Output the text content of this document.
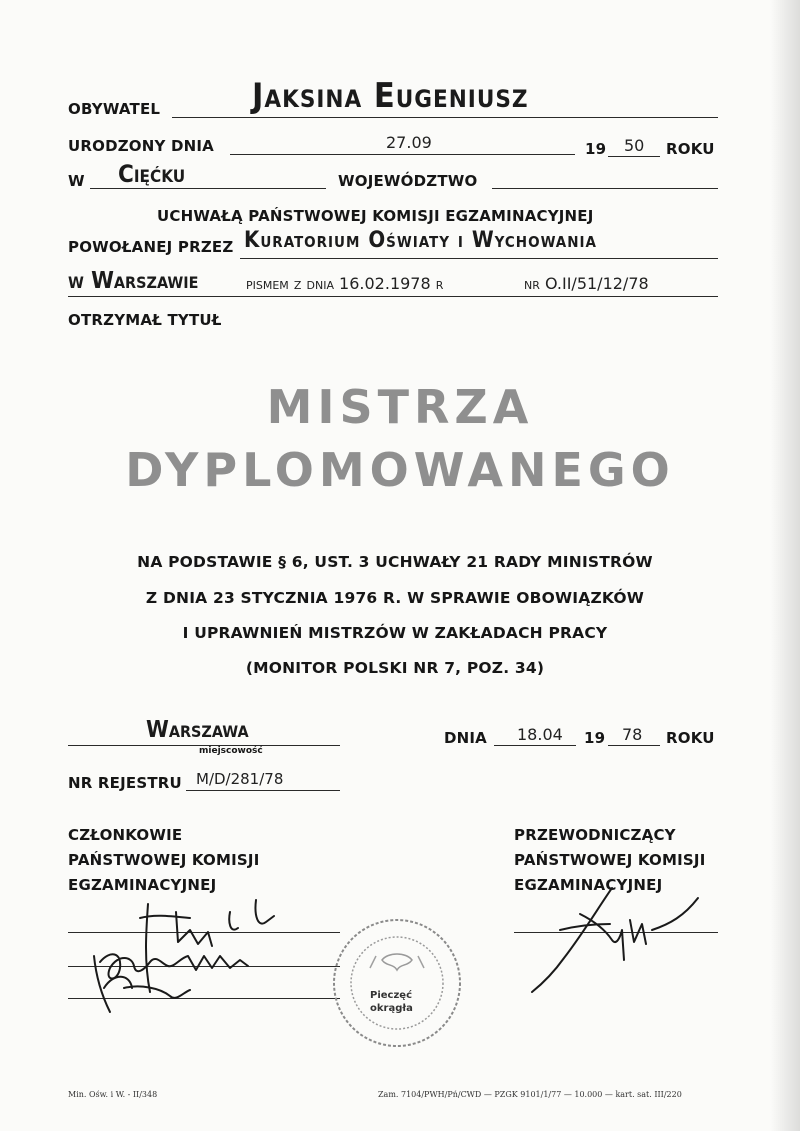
OBYWATEL	Jaksina Eugeniusz
URODZONY DNIA	27.09	19 50 ROKU
W Cięćku	WOJEWÓDZTWO
UCHWAŁĄ PAŃSTWOWEJ KOMISJI EGZAMINACYJNEJ
POWOŁANEJ PRZEZ Kuratorium Oświaty i Wychowania
w Warszawie	pismem z dnia 16.02.1978 r	nr O.II/51/12/78
OTRZYMAŁ TYTUŁ
MISTRZA
DYPLOMOWANEGO
NA PODSTAWIE § 6, UST. 3 UCHWAŁY 21 RADY MINISTRÓW
Z DNIA 23 STYCZNIA 1976 R. W SPRAWIE OBOWIĄZKÓW
I UPRAWNIEŃ MISTRZÓW W ZAKŁADACH PRACY
(MONITOR POLSKI NR 7, POZ. 34)
Warszawa
miejscowość
DNIA 18.04 19 78 ROKU
NR REJESTRU M/D/281/78
CZŁONKOWIE
PAŃSTWOWEJ KOMISJI
EGZAMINACYJNEJ
PRZEWODNICZĄCY
PAŃSTWOWEJ KOMISJI
EGZAMINACYJNEJ
Pieczęć
okrągła
Min. Ośw. i W. - II/348	Zam. 7104/PWH/Pń/CWD — PZGK 9101/1/77 — 10.000 — kart. sat. III/220
